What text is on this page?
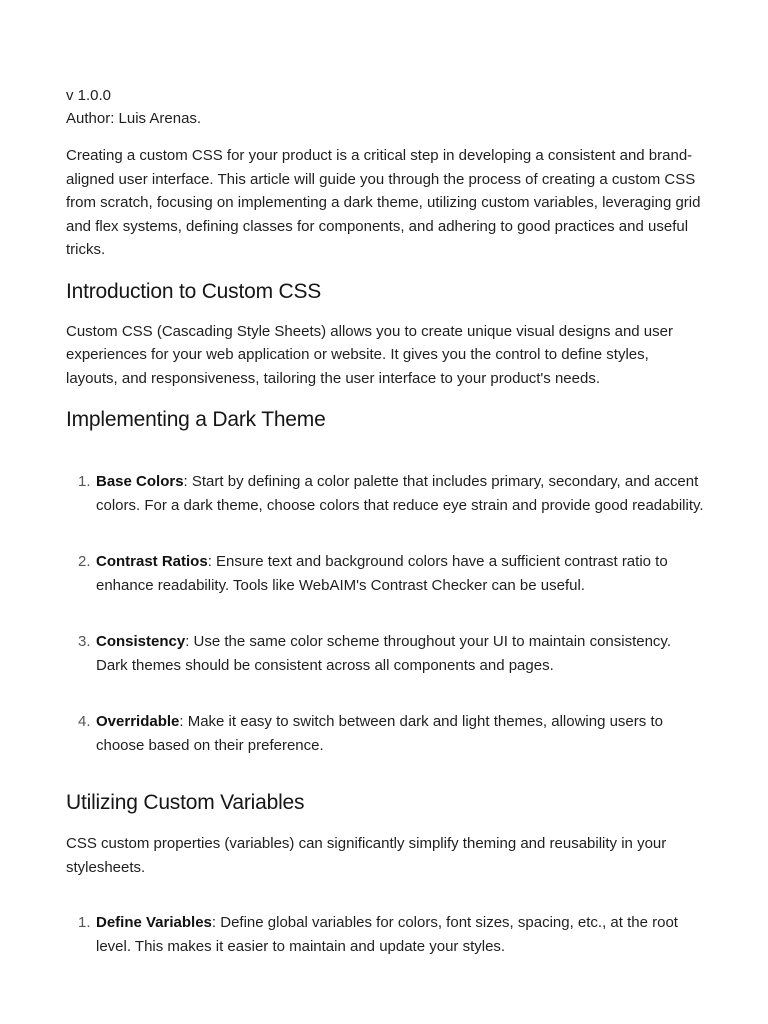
v 1.0.0

Author: Luis Arenas.

Creating a custom CSS for your product is a critical step in developing a consistent and brand-aligned user interface. This article will guide you through the process of creating a custom CSS from scratch, focusing on implementing a dark theme, utilizing custom variables, leveraging grid and flex systems, defining classes for components, and adhering to good practices and useful tricks.

Introduction to Custom CSS

Custom CSS (Cascading Style Sheets) allows you to create unique visual designs and user experiences for your web application or website. It gives you the control to define styles, layouts, and responsiveness, tailoring the user interface to your product's needs.

Implementing a Dark Theme
1. Base Colors: Start by defining a color palette that includes primary, secondary, and accent colors. For a dark theme, choose colors that reduce eye strain and provide good readability.
2. Contrast Ratios: Ensure text and background colors have a sufficient contrast ratio to enhance readability. Tools like WebAIM's Contrast Checker can be useful.
3. Consistency: Use the same color scheme throughout your UI to maintain consistency. Dark themes should be consistent across all components and pages.
4. Overridable: Make it easy to switch between dark and light themes, allowing users to choose based on their preference.
Utilizing Custom Variables

CSS custom properties (variables) can significantly simplify theming and reusability in your stylesheets.

1. Define Variables: Define global variables for colors, font sizes, spacing, etc., at the root level. This makes it easier to maintain and update your styles.
